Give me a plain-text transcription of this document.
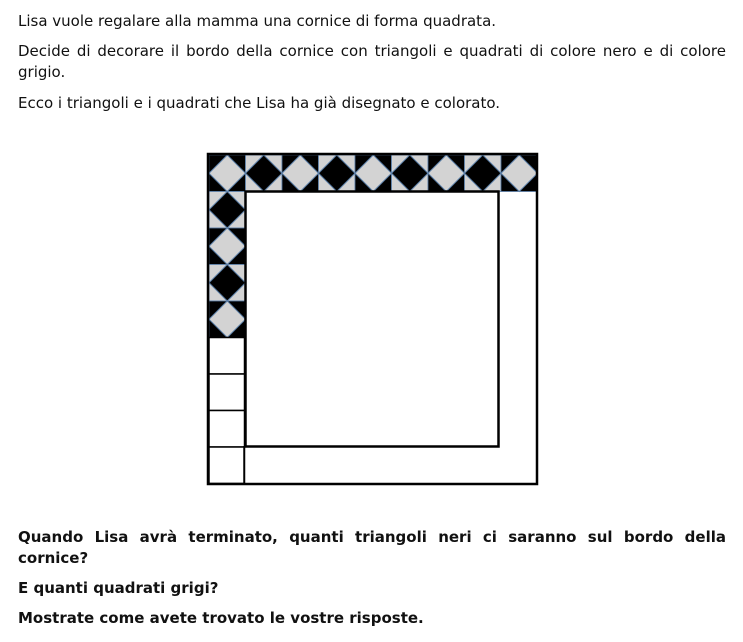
Lisa vuole regalare alla mamma una cornice di forma quadrata.

Decide di decorare il bordo della cornice con triangoli e quadrati di colore nero e di colore grigio.

Ecco i triangoli e i quadrati che Lisa ha già disegnato e colorato.

Quando Lisa avrà terminato, quanti triangoli neri ci saranno sul bordo della cornice?

E quanti quadrati grigi?

Mostrate come avete trovato le vostre risposte.
